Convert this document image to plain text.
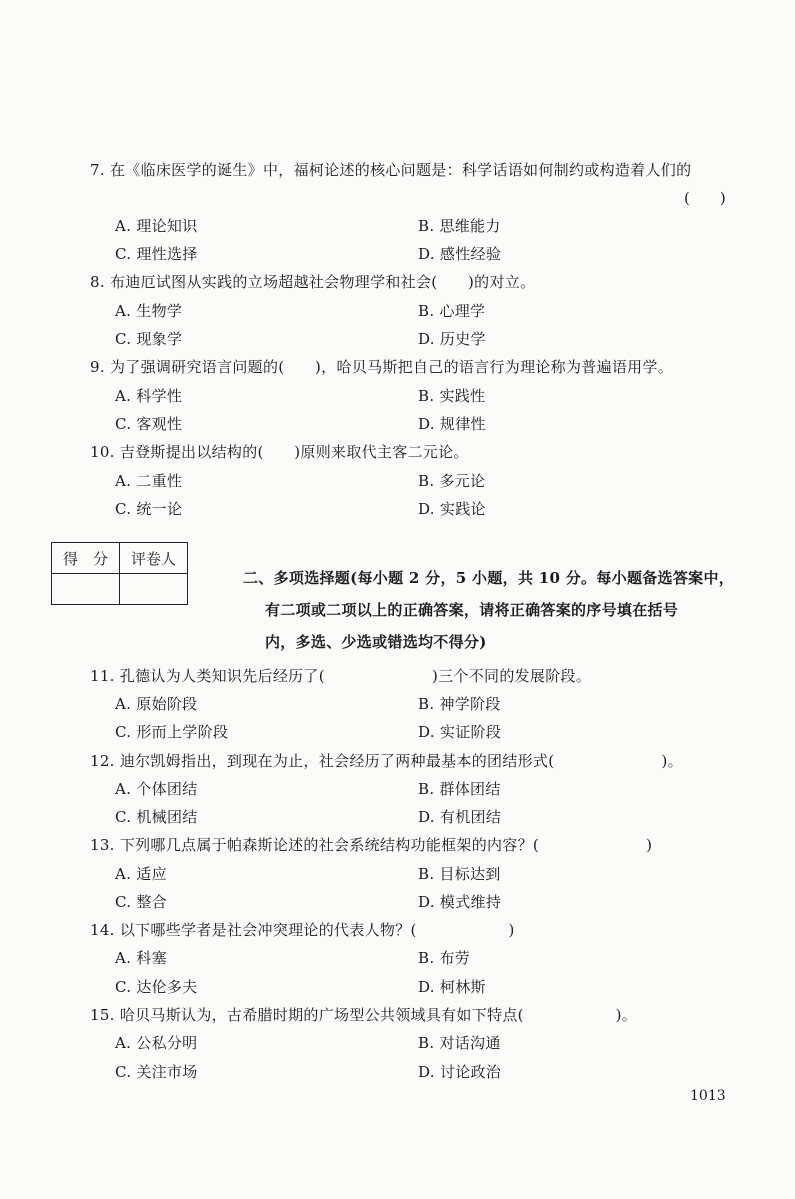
7. 在《临床医学的诞生》中，福柯论述的核心问题是：科学话语如何制约或构造着人们的
(　　)
A. 理论知识	B. 思维能力
C. 理性选择	D. 感性经验
8. 布迪厄试图从实践的立场超越社会物理学和社会(　　)的对立。
A. 生物学	B. 心理学
C. 现象学	D. 历史学
9. 为了强调研究语言问题的(　　)，哈贝马斯把自己的语言行为理论称为普遍语用学。
A. 科学性	B. 实践性
C. 客观性	D. 规律性
10. 吉登斯提出以结构的(　　)原则来取代主客二元论。
A. 二重性	B. 多元论
C. 统一论	D. 实践论
得　分	评卷人

二、多项选择题(每小题 2 分，5 小题，共 10 分。每小题备选答案中，
有二项或二项以上的正确答案，请将正确答案的序号填在括号
内，多选、少选或错选均不得分)
11. 孔德认为人类知识先后经历了(　　　　　　　)三个不同的发展阶段。
A. 原始阶段	B. 神学阶段
C. 形而上学阶段	D. 实证阶段
12. 迪尔凯姆指出，到现在为止，社会经历了两种最基本的团结形式(　　　　　　　)。
A. 个体团结	B. 群体团结
C. 机械团结	D. 有机团结
13. 下列哪几点属于帕森斯论述的社会系统结构功能框架的内容？(　　　　　　　)
A. 适应	B. 目标达到
C. 整合	D. 模式维持
14. 以下哪些学者是社会冲突理论的代表人物？(　　　　　　)
A. 科塞	B. 布劳
C. 达伦多夫	D. 柯林斯
15. 哈贝马斯认为，古希腊时期的广场型公共领域具有如下特点(　　　　　　)。
A. 公私分明	B. 对话沟通
C. 关注市场	D. 讨论政治
1013
